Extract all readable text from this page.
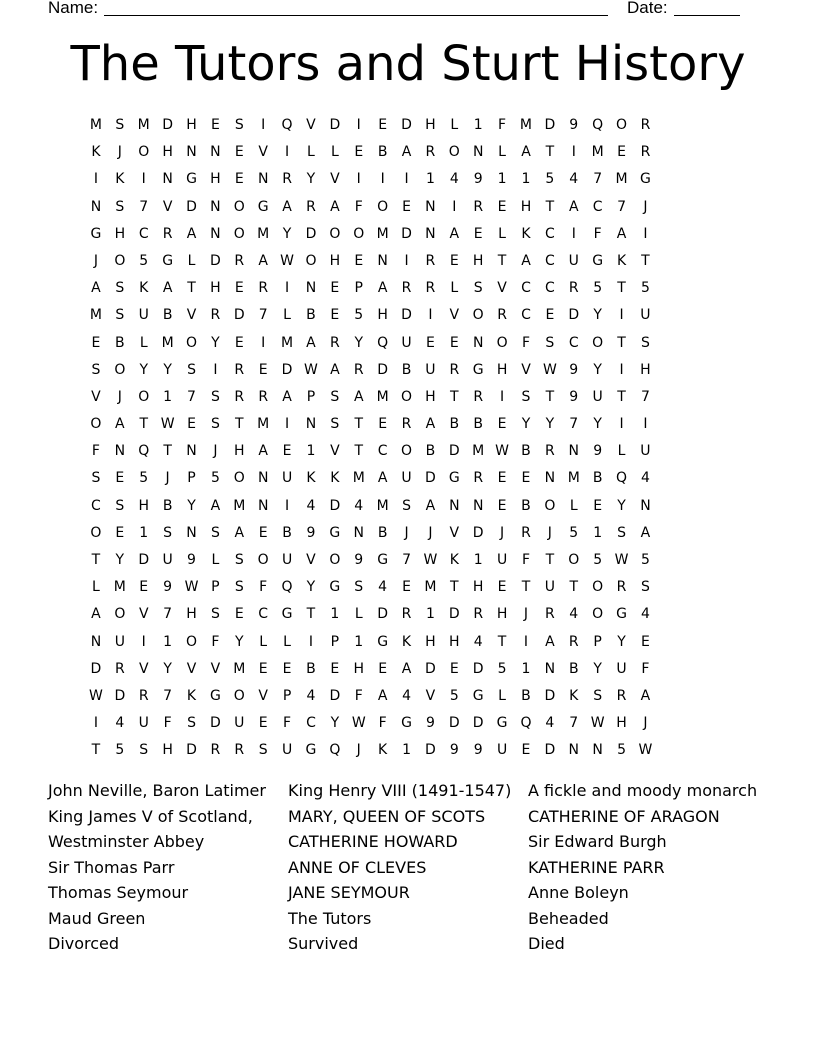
Name:	Date:
The Tutors and Sturt History
M S M D H	E	S	I	Q V D	I	E	D H	L	1	F M D	9 Q O R
K	J	O H N N	E	V	I	L	L	E	B	A	R O N	L	A	T	I	M E	R
I	K	I	N G H	E	N R	Y	V	I	I	I	1	4	9	1	1	5	4	7 M G
N	S	7	V D N O G A	R	A	F	O E	N	I	R	E	H	T	A	C	7	J
G H C	R	A N O M Y	D O O M D N A	E	L	K	C	I	F	A	I
J	O 5	G	L	D R	A W O H	E	N	I	R	E	H	T	A	C U G K	T
A	S	K	A	T	H	E	R	I	N	E	P	A	R	R	L	S	V	C	C	R	5	T	5
M S	U B	V	R D	7	L	B	E	5	H D	I	V O R	C	E	D	Y	I	U
E	B	L M O	Y	E	I	M A	R	Y	Q U	E	E	N O	F	S	C O	T	S
S O	Y	Y	S	I	R	E	D W A	R D B U R G H V W 9	Y	I	H
V	J	O 1	7	S	R	R	A	P	S	A M O H	T	R	I	S	T	9	U	T	7
O A	T W E	S	T M	I	N	S	T	E	R	A	B	B	E	Y	Y	7	Y	I	I
F	N Q	T	N	J	H A	E	1	V	T	C O B D M W B	R N	9	L	U
S	E	5	J	P	5 O N U	K	K M A U D G R	E	E	N M B Q 4
C	S	H B	Y	A M N	I	4	D	4 M S	A N N	E	B O	L	E	Y	N
O E	1	S	N	S	A	E	B	9	G N B	J	J	V D	J	R	J	5	1	S	A
T	Y	D U	9	L	S O U V O 9	G	7 W K	1	U	F	T	O 5 W 5
L M E	9 W P	S	F	Q	Y	G	S	4	E M T	H	E	T	U	T	O R	S
A O V	7	H	S	E	C G	T	1	L	D R	1	D R H	J	R	4 O G	4
N U	I	1 O	F	Y	L	L	I	P	1	G K	H H	4	T	I	A	R	P	Y	E
D R	V	Y	V	V M E	E	B	E	H	E	A D	E	D	5	1	N B	Y	U	F
W D R	7	K G O V	P	4	D	F	A	4	V	5	G	L	B D K	S	R	A
I	4	U	F	S	D U	E	F	C	Y W F	G	9	D D G Q 4	7 W H	J
T	5	S	H D R	R	S	U G Q	J	K	1	D	9	9	U	E	D N N	5 W
John Neville, Baron Latimer
King James V of Scotland,
Westminster Abbey
Sir Thomas Parr
Thomas Seymour
Maud Green
Divorced
King Henry VIII (1491-1547)
MARY, QUEEN OF SCOTS
CATHERINE HOWARD
ANNE OF CLEVES
JANE SEYMOUR
The Tutors
Survived
A fickle and moody monarch
CATHERINE OF ARAGON
Sir Edward Burgh
KATHERINE PARR
Anne Boleyn
Beheaded
Died
